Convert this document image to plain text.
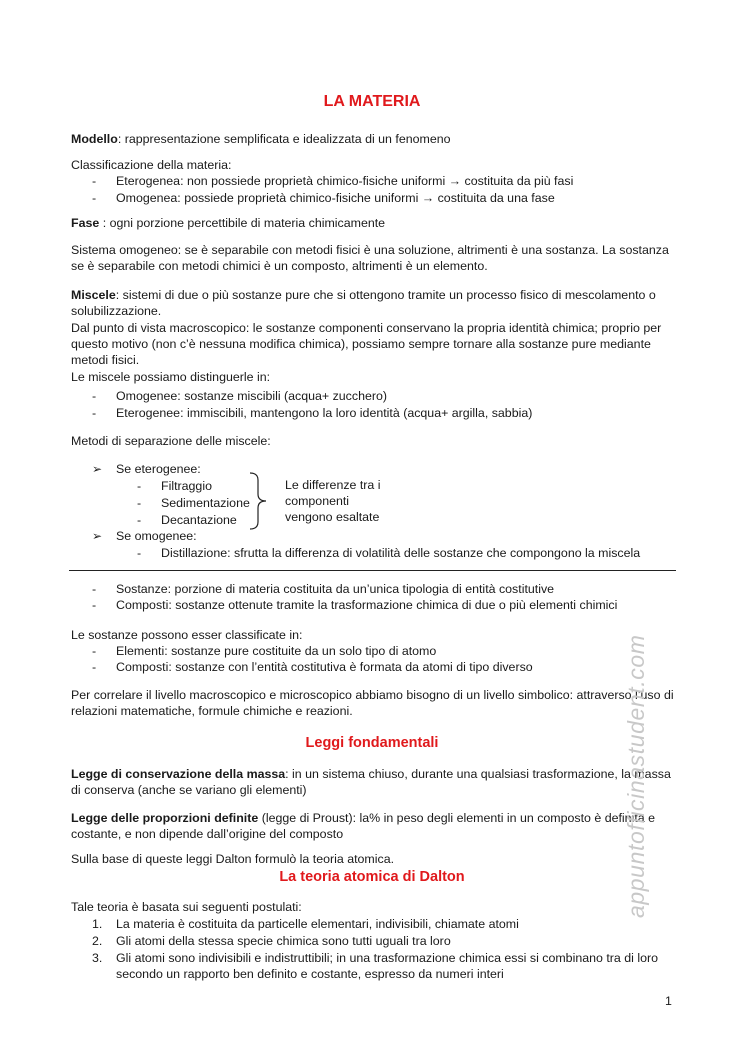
LA MATERIA
Modello: rappresentazione semplificata e idealizzata di un fenomeno
Classificazione della materia:
- Eterogenea: non possiede proprietà chimico-fisiche uniformi → costituita da più fasi
- Omogenea: possiede proprietà chimico-fisiche uniformi → costituita da una fase
Fase : ogni porzione percettibile di materia chimicamente
Sistema omogeneo: se è separabile con metodi fisici è una soluzione, altrimenti è una sostanza. La sostanza se è separabile con metodi chimici è un composto, altrimenti è un elemento.
Miscele: sistemi di due o più sostanze pure che si ottengono tramite un processo fisico di mescolamento o solubilizzazione.
Dal punto di vista macroscopico: le sostanze componenti conservano la propria identità chimica; proprio per questo motivo (non c’è nessuna modifica chimica), possiamo sempre tornare alla sostanze pure mediante metodi fisici.
Le miscele possiamo distinguerle in:
- Omogenee: sostanze miscibili (acqua+ zucchero)
- Eterogenee: immiscibili, mantengono la loro identità (acqua+ argilla, sabbia)
Metodi di separazione delle miscele:
➢ Se eterogenee:
- Filtraggio
- Sedimentazione
- Decantazione
Le differenze tra i
componenti
vengono esaltate
➢ Se omogenee:
- Distillazione: sfrutta la differenza di volatilità delle sostanze che compongono la miscela
- Sostanze: porzione di materia costituita da un’unica tipologia di entità costitutive
- Composti: sostanze ottenute tramite la trasformazione chimica di due o più elementi chimici
Le sostanze possono esser classificate in:
- Elementi: sostanze pure costituite da un solo tipo di atomo
- Composti: sostanze con l’entità costitutiva è formata da atomi di tipo diverso
Per correlare il livello macroscopico e microscopico abbiamo bisogno di un livello simbolico: attraverso l’uso di relazioni matematiche, formule chimiche e reazioni.
Leggi fondamentali
Legge di conservazione della massa: in un sistema chiuso, durante una qualsiasi trasformazione, la massa di conserva (anche se variano gli elementi)
Legge delle proporzioni definite (legge di Proust): la% in peso degli elementi in un composto è definita e costante, e non dipende dall’origine del composto
Sulla base di queste leggi Dalton formulò la teoria atomica.
La teoria atomica di Dalton
Tale teoria è basata sui seguenti postulati:
1. La materia è costituita da particelle elementari, indivisibili, chiamate atomi
2. Gli atomi della stessa specie chimica sono tutti uguali tra loro
3. Gli atomi sono indivisibili e indistruttibili; in una trasformazione chimica essi si combinano tra di loro secondo un rapporto ben definito e costante, espresso da numeri interi
appuntofficinastudent.com
1
